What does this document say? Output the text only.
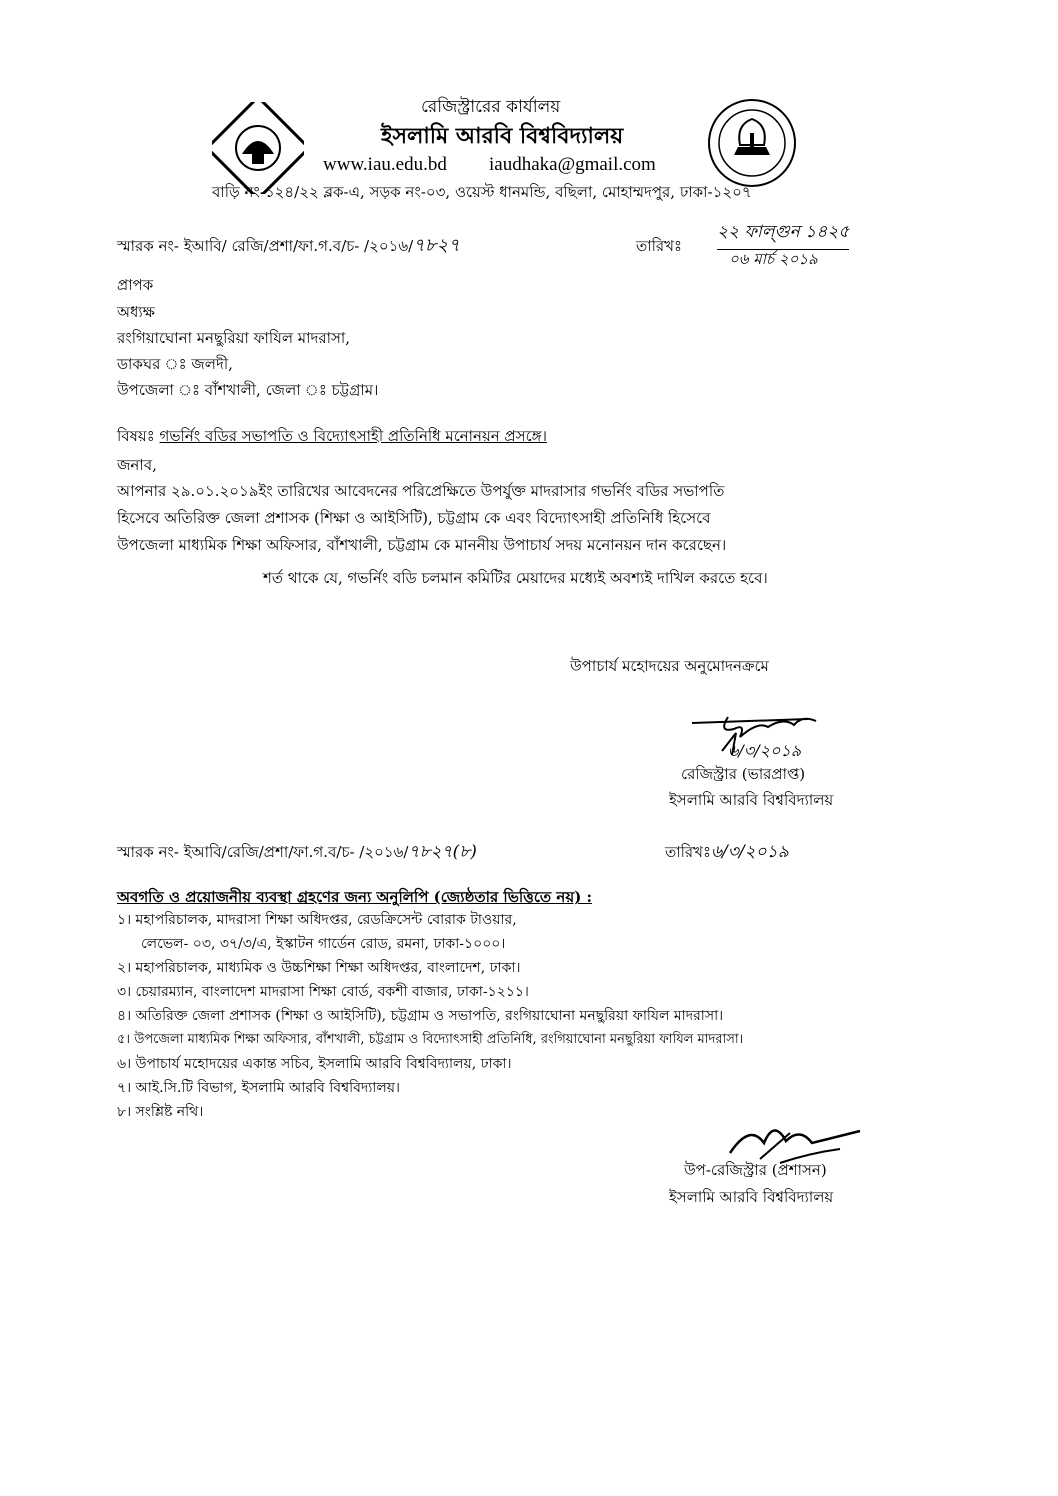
রেজিস্ট্রারের কার্যালয়
ইসলামি আরবি বিশ্ববিদ্যালয়
www.iau.edu.bd iaudhaka@gmail.com
বাড়ি নং-১২৪/২২ ব্লক-এ, সড়ক নং-০৩, ওয়েস্ট ধানমন্ডি, বছিলা, মোহাম্মদপুর, ঢাকা-১২০৭
স্মারক নং- ইআবি/ রেজি/প্রশা/ফা.গ.ব/চ- /২০১৬/৭৮২৭	তারিখঃ
২২ ফাল্গুন ১৪২৫
০৬ মার্চ ২০১৯
প্রাপক
অধ্যক্ষ
রংগিয়াঘোনা মনছুরিয়া ফাযিল মাদরাসা,
ডাকঘর ঃ জলদী,
উপজেলা ঃ বাঁশখালী, জেলা ঃ চট্টগ্রাম।
বিষয়ঃ গভর্নিং বডির সভাপতি ও বিদ্যোৎসাহী প্রতিনিধি মনোনয়ন প্রসঙ্গে।
জনাব,
আপনার ২৯.০১.২০১৯ইং তারিখের আবেদনের পরিপ্রেক্ষিতে উপর্যুক্ত মাদরাসার গভর্নিং বডির সভাপতি
হিসেবে অতিরিক্ত জেলা প্রশাসক (শিক্ষা ও আইসিটি), চট্টগ্রাম কে এবং বিদ্যোৎসাহী প্রতিনিধি হিসেবে
উপজেলা মাধ্যমিক শিক্ষা অফিসার, বাঁশখালী, চট্টগ্রাম কে মাননীয় উপাচার্য সদয় মনোনয়ন দান করেছেন।
শর্ত থাকে যে, গভর্নিং বডি চলমান কমিটির মেয়াদের মধ্যেই অবশ্যই দাখিল করতে হবে।
উপাচার্য মহোদয়ের অনুমোদনক্রমে
৬/৩/২০১৯
রেজিস্ট্রার (ভারপ্রাপ্ত)
ইসলামি আরবি বিশ্ববিদ্যালয়
স্মারক নং- ইআবি/রেজি/প্রশা/ফা.গ.ব/চ- /২০১৬/৭৮২৭(৮)	তারিখঃ৬/৩/২০১৯
অবগতি ও প্রয়োজনীয় ব্যবস্থা গ্রহণের জন্য অনুলিপি (জ্যেষ্ঠতার ভিত্তিতে নয়) :
১। মহাপরিচালক, মাদরাসা শিক্ষা অধিদপ্তর, রেডক্রিসেন্ট বোরাক টাওয়ার,
লেভেল- ০৩, ৩৭/৩/এ, ইস্কাটন গার্ডেন রোড, রমনা, ঢাকা-১০০০।
২। মহাপরিচালক, মাধ্যমিক ও উচ্চশিক্ষা শিক্ষা অধিদপ্তর, বাংলাদেশ, ঢাকা।
৩। চেয়ারম্যান, বাংলাদেশ মাদরাসা শিক্ষা বোর্ড, বকশী বাজার, ঢাকা-১২১১।
৪। অতিরিক্ত জেলা প্রশাসক (শিক্ষা ও আইসিটি), চট্টগ্রাম ও সভাপতি, রংগিয়াঘোনা মনছুরিয়া ফাযিল মাদরাসা।
৫। উপজেলা মাধ্যমিক শিক্ষা অফিসার, বাঁশখালী, চট্টগ্রাম ও বিদ্যোৎসাহী প্রতিনিধি, রংগিয়াঘোনা মনছুরিয়া ফাযিল মাদরাসা।
৬। উপাচার্য মহোদয়ের একান্ত সচিব, ইসলামি আরবি বিশ্ববিদ্যালয়, ঢাকা।
৭। আই.সি.টি বিভাগ, ইসলামি আরবি বিশ্ববিদ্যালয়।
৮। সংশ্লিষ্ট নথি।
উপ-রেজিস্ট্রার (প্রশাসন)
ইসলামি আরবি বিশ্ববিদ্যালয়
